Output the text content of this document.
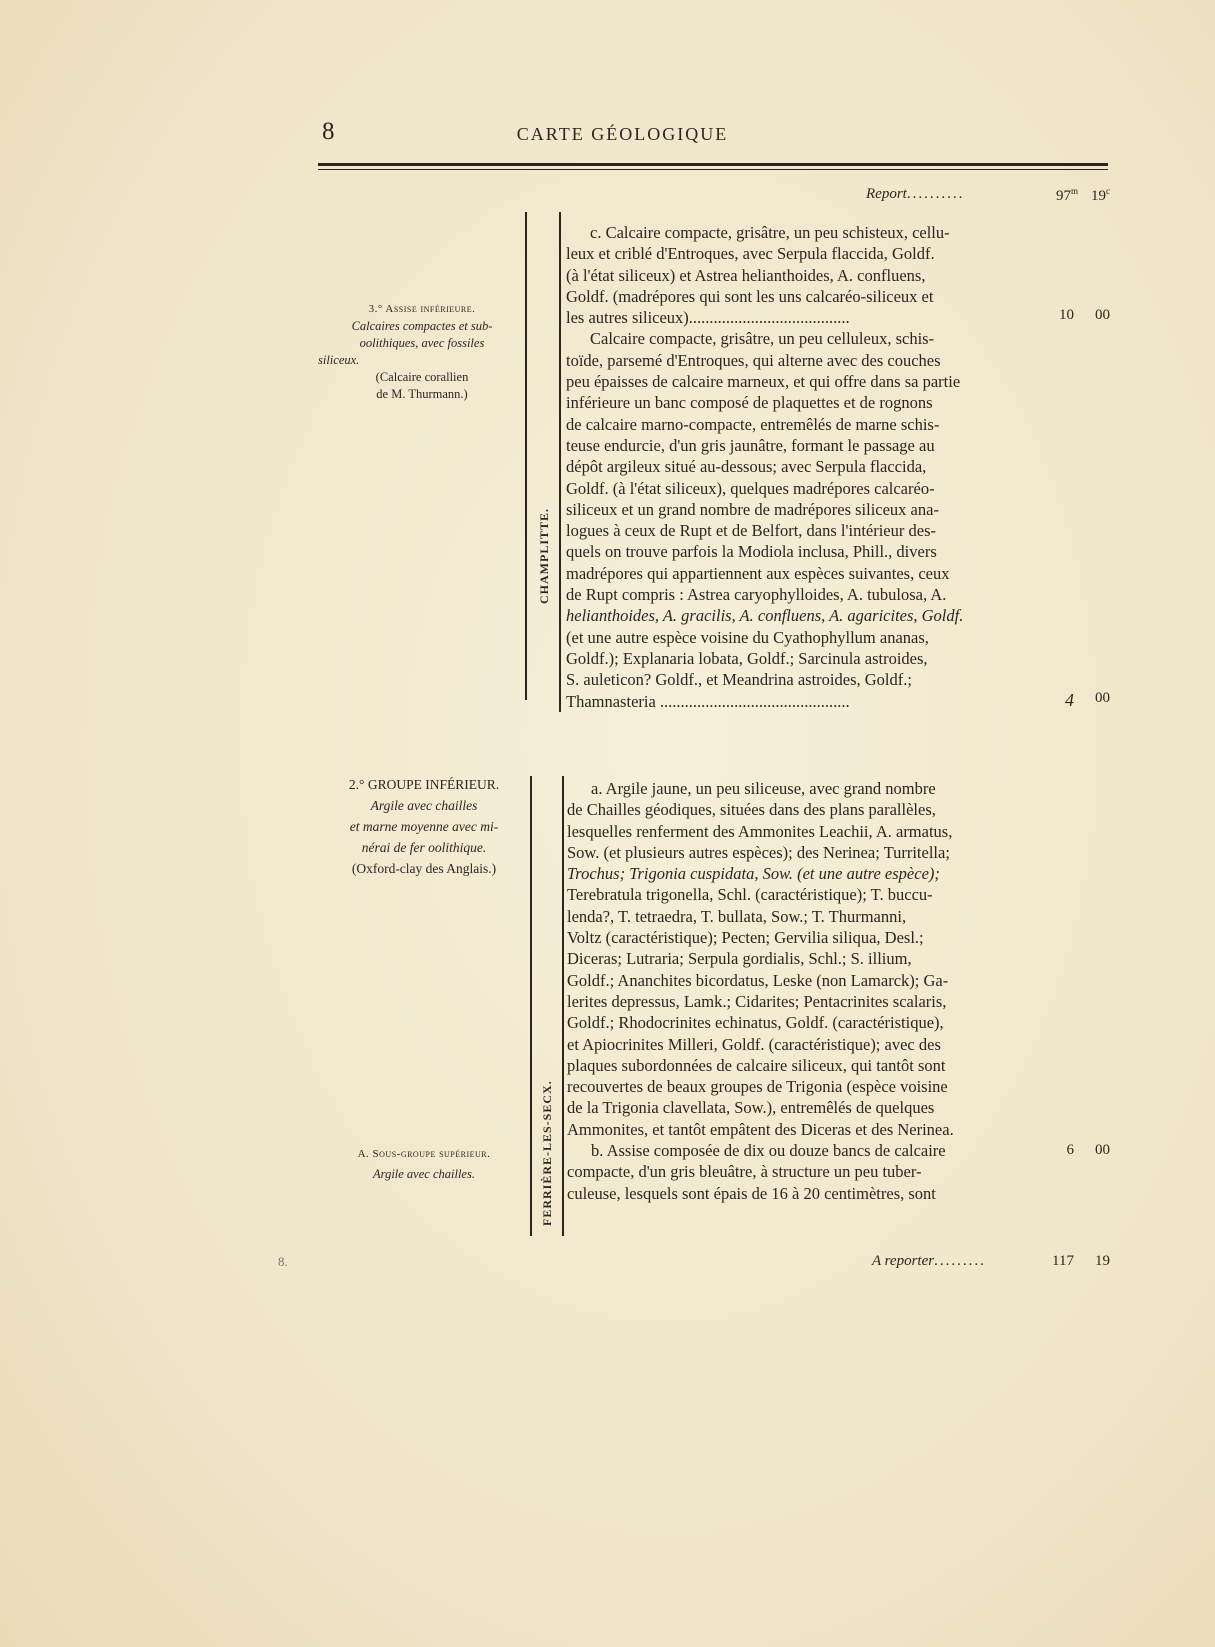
8	CARTE GÉOLOGIQUE
Report..........	97$^m$ 19$^c$
3.° Assise inférieure.
Calcaires compactes et sub-
oolithiques, avec fossiles
siliceux.
(Calcaire corallien
de M. Thurmann.)
CHAMPLITTE.
c. Calcaire compacte, grisâtre, un peu schisteux, cellu-
leux et criblé d'Entroques, avec Serpula flaccida, Goldf.
(à l'état siliceux) et Astrea helianthoides, A. confluens,
Goldf. (madrépores qui sont les uns calcaréo-siliceux et
les autres siliceux).......................................
Calcaire compacte, grisâtre, un peu celluleux, schis-
toïde, parsemé d'Entroques, qui alterne avec des couches
peu épaisses de calcaire marneux, et qui offre dans sa partie
inférieure un banc composé de plaquettes et de rognons
de calcaire marno-compacte, entremêlés de marne schis-
teuse endurcie, d'un gris jaunâtre, formant le passage au
dépôt argileux situé au-dessous; avec Serpula flaccida,
Goldf. (à l'état siliceux), quelques madrépores calcaréo-
siliceux et un grand nombre de madrépores siliceux ana-
logues à ceux de Rupt et de Belfort, dans l'intérieur des-
quels on trouve parfois la Modiola inclusa, Phill., divers
madrépores qui appartiennent aux espèces suivantes, ceux
de Rupt compris : Astrea caryophylloides, A. tubulosa, A.
helianthoides, A. gracilis, A. confluens, A. agaricites, Goldf.
(et une autre espèce voisine du Cyathophyllum ananas,
Goldf.); Explanaria lobata, Goldf.; Sarcinula astroides,
S. auleticon? Goldf., et Meandrina astroides, Goldf.;
Thamnasteria ..............................................
10	00
4	00
2.° GROUPE INFÉRIEUR.
Argile avec chailles
et marne moyenne avec mi-
nérai de fer oolithique.
(Oxford-clay des Anglais.)
A. Sous-groupe supérieur.
Argile avec chailles.	FERRIÈRE-LES-SECX.
a. Argile jaune, un peu siliceuse, avec grand nombre
de Chailles géodiques, situées dans des plans parallèles,
lesquelles renferment des Ammonites Leachii, A. armatus,
Sow. (et plusieurs autres espèces); des Nerinea; Turritella;
Trochus; Trigonia cuspidata, Sow. (et une autre espèce);
Terebratula trigonella, Schl. (caractéristique); T. buccu-
lenda?, T. tetraedra, T. bullata, Sow.; T. Thurmanni,
Voltz (caractéristique); Pecten; Gervilia siliqua, Desl.;
Diceras; Lutraria; Serpula gordialis, Schl.; S. illium,
Goldf.; Ananchites bicordatus, Leske (non Lamarck); Ga-
lerites depressus, Lamk.; Cidarites; Pentacrinites scalaris,
Goldf.; Rhodocrinites echinatus, Goldf. (caractéristique),
et Apiocrinites Milleri, Goldf. (caractéristique); avec des
plaques subordonnées de calcaire siliceux, qui tantôt sont
recouvertes de beaux groupes de Trigonia (espèce voisine
de la Trigonia clavellata, Sow.), entremêlés de quelques
Ammonites, et tantôt empâtent des Diceras et des Nerinea.
b. Assise composée de dix ou douze bancs de calcaire
compacte, d'un gris bleuâtre, à structure un peu tuber-
culeuse, lesquels sont épais de 16 à 20 centimètres, sont
6	00
A reporter.........	117	19
8.
